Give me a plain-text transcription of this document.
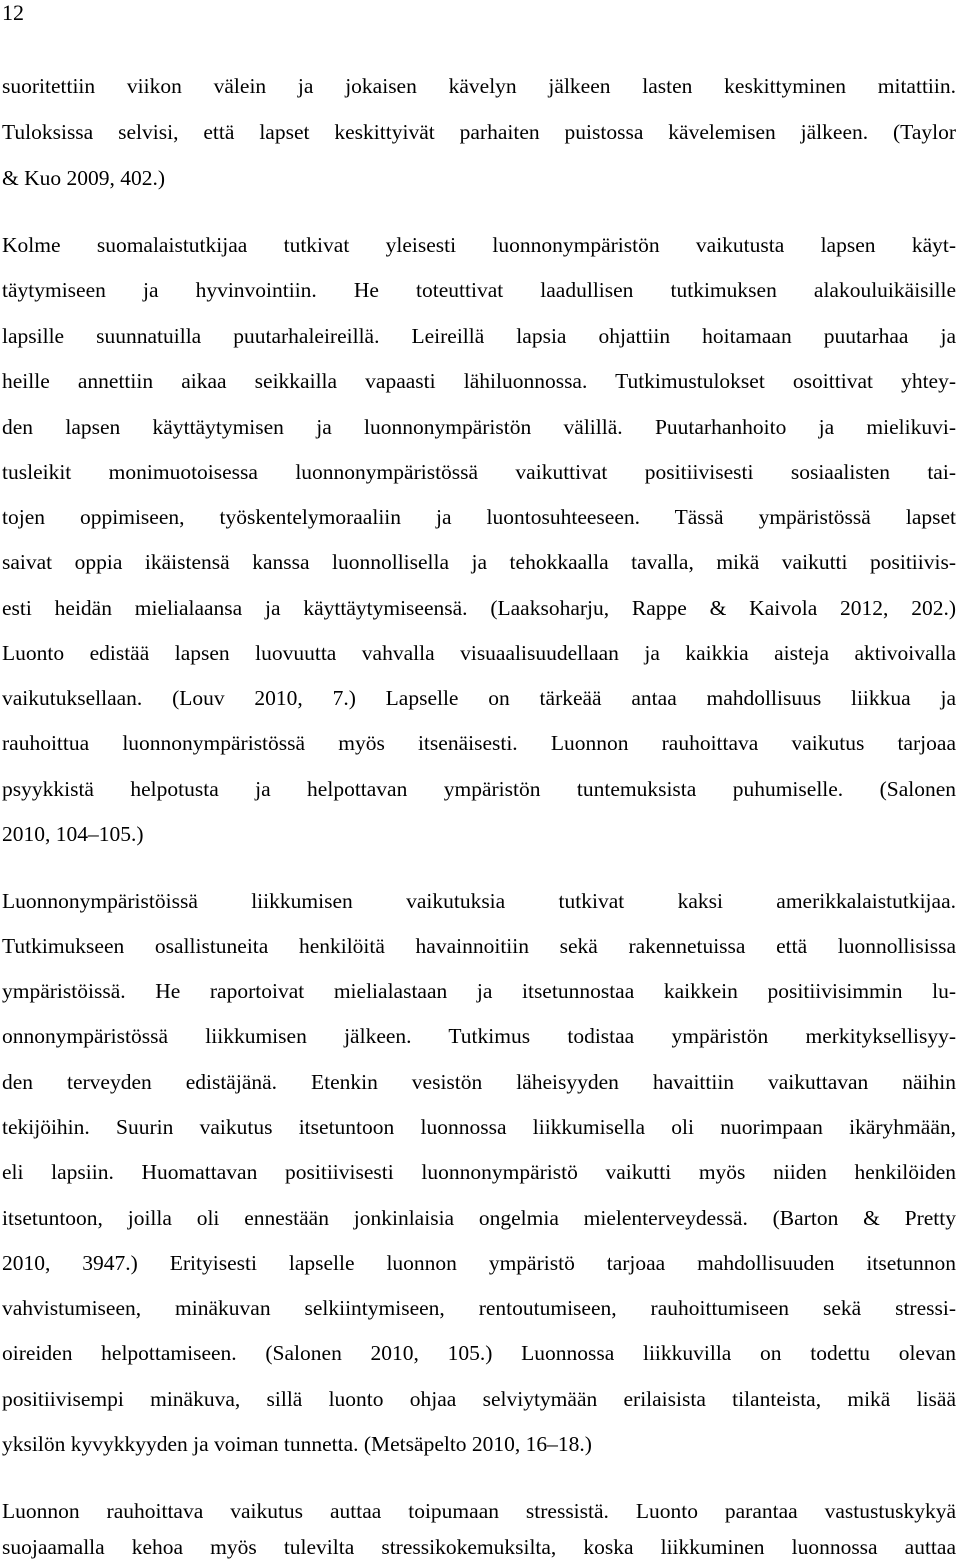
12
suoritettiin viikon välein ja jokaisen kävelyn jälkeen lasten keskittyminen mitattiin.
Tuloksissa selvisi, että lapset keskittyivät parhaiten puistossa kävelemisen jälkeen. (Taylor
& Kuo 2009, 402.)
Kolme suomalaistutkijaa tutkivat yleisesti luonnonympäristön vaikutusta lapsen käyt-
täytymiseen ja hyvinvointiin. He toteuttivat laadullisen tutkimuksen alakouluikäisille
lapsille suunnatuilla puutarhaleireillä. Leireillä lapsia ohjattiin hoitamaan puutarhaa ja
heille annettiin aikaa seikkailla vapaasti lähiluonnossa. Tutkimustulokset osoittivat yhtey-
den lapsen käyttäytymisen ja luonnonympäristön välillä. Puutarhanhoito ja mielikuvi-
tusleikit monimuotoisessa luonnonympäristössä vaikuttivat positiivisesti sosiaalisten tai-
tojen oppimiseen, työskentelymoraaliin ja luontosuhteeseen. Tässä ympäristössä lapset
saivat oppia ikäistensä kanssa luonnollisella ja tehokkaalla tavalla, mikä vaikutti positiivis-
esti heidän mielialaansa ja käyttäytymiseensä. (Laaksoharju, Rappe & Kaivola 2012, 202.)
Luonto edistää lapsen luovuutta vahvalla visuaalisuudellaan ja kaikkia aisteja aktivoivalla
vaikutuksellaan. (Louv 2010, 7.) Lapselle on tärkeää antaa mahdollisuus liikkua ja
rauhoittua luonnonympäristössä myös itsenäisesti. Luonnon rauhoittava vaikutus tarjoaa
psyykkistä helpotusta ja helpottavan ympäristön tuntemuksista puhumiselle. (Salonen
2010, 104–105.)
Luonnonympäristöissä liikkumisen vaikutuksia tutkivat kaksi amerikkalaistutkijaa.
Tutkimukseen osallistuneita henkilöitä havainnoitiin sekä rakennetuissa että luonnollisissa
ympäristöissä. He raportoivat mielialastaan ja itsetunnostaa kaikkein positiivisimmin lu-
onnonympäristössä liikkumisen jälkeen. Tutkimus todistaa ympäristön merkityksellisyy-
den terveyden edistäjänä. Etenkin vesistön läheisyyden havaittiin vaikuttavan näihin
tekijöihin. Suurin vaikutus itsetuntoon luonnossa liikkumisella oli nuorimpaan ikäryhmään,
eli lapsiin. Huomattavan positiivisesti luonnonympäristö vaikutti myös niiden henkilöiden
itsetuntoon, joilla oli ennestään jonkinlaisia ongelmia mielenterveydessä. (Barton & Pretty
2010, 3947.) Erityisesti lapselle luonnon ympäristö tarjoaa mahdollisuuden itsetunnon
vahvistumiseen, minäkuvan selkiintymiseen, rentoutumiseen, rauhoittumiseen sekä stressi-
oireiden helpottamiseen. (Salonen 2010, 105.) Luonnossa liikkuvilla on todettu olevan
positiivisempi minäkuva, sillä luonto ohjaa selviytymään erilaisista tilanteista, mikä lisää
yksilön kyvykkyyden ja voiman tunnetta. (Metsäpelto 2010, 16–18.)
Luonnon rauhoittava vaikutus auttaa toipumaan stressistä. Luonto parantaa vastustuskykyä
suojaamalla kehoa myös tulevilta stressikokemuksilta, koska liikkuminen luonnossa auttaa
